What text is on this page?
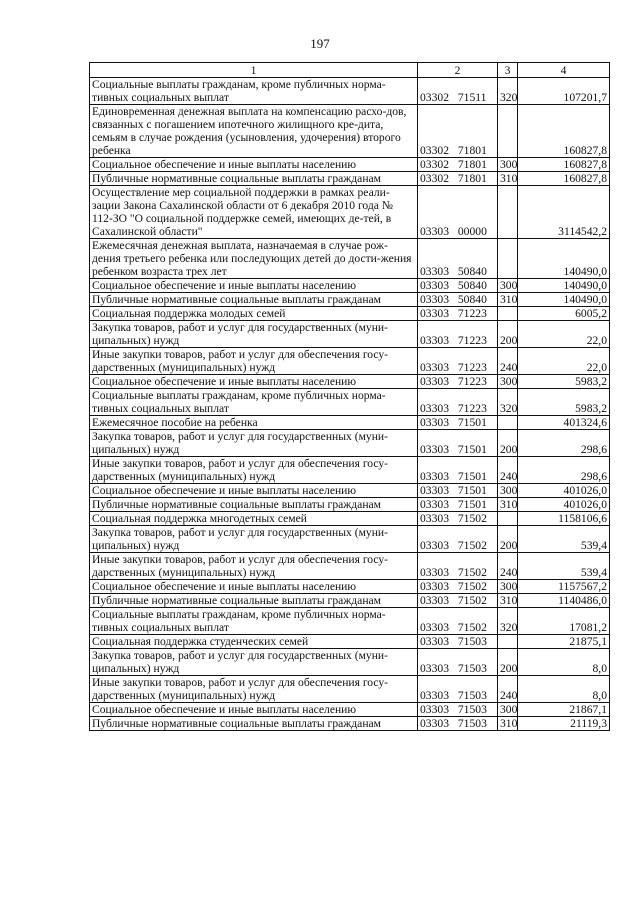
197
1	2	3	4
Социальные выплаты гражданам, кроме публичных норма-тивных социальных выплат	03302 71511	320	107201,7
Единовременная денежная выплата на компенсацию расхо-дов, связанных с погашением ипотечного жилищного кре-дита, семьям в случае рождения (усыновления, удочерения) второго ребенка	03302 71801		160827,8
Социальное обеспечение и иные выплаты населению	03302 71801	300	160827,8
Публичные нормативные социальные выплаты гражданам	03302 71801	310	160827,8
Осуществление мер социальной поддержки в рамках реали-зации Закона Сахалинской области от 6 декабря 2010 года № 112-ЗО "О социальной поддержке семей, имеющих де-тей, в Сахалинской области"	03303 00000		3114542,2
Ежемесячная денежная выплата, назначаемая в случае рож-дения третьего ребенка или последующих детей до дости-жения ребенком возраста трех лет	03303 50840		140490,0
Социальное обеспечение и иные выплаты населению	03303 50840	300	140490,0
Публичные нормативные социальные выплаты гражданам	03303 50840	310	140490,0
Социальная поддержка молодых семей	03303 71223		6005,2
Закупка товаров, работ и услуг для государственных (муни-ципальных) нужд	03303 71223	200	22,0
Иные закупки товаров, работ и услуг для обеспечения госу-дарственных (муниципальных) нужд	03303 71223	240	22,0
Социальное обеспечение и иные выплаты населению	03303 71223	300	5983,2
Социальные выплаты гражданам, кроме публичных норма-тивных социальных выплат	03303 71223	320	5983,2
Ежемесячное пособие на ребенка	03303 71501		401324,6
Закупка товаров, работ и услуг для государственных (муни-ципальных) нужд	03303 71501	200	298,6
Иные закупки товаров, работ и услуг для обеспечения госу-дарственных (муниципальных) нужд	03303 71501	240	298,6
Социальное обеспечение и иные выплаты населению	03303 71501	300	401026,0
Публичные нормативные социальные выплаты гражданам	03303 71501	310	401026,0
Социальная поддержка многодетных семей	03303 71502		1158106,6
Закупка товаров, работ и услуг для государственных (муни-ципальных) нужд	03303 71502	200	539,4
Иные закупки товаров, работ и услуг для обеспечения госу-дарственных (муниципальных) нужд	03303 71502	240	539,4
Социальное обеспечение и иные выплаты населению	03303 71502	300	1157567,2
Публичные нормативные социальные выплаты гражданам	03303 71502	310	1140486,0
Социальные выплаты гражданам, кроме публичных норма-тивных социальных выплат	03303 71502	320	17081,2
Социальная поддержка студенческих семей	03303 71503		21875,1
Закупка товаров, работ и услуг для государственных (муни-ципальных) нужд	03303 71503	200	8,0
Иные закупки товаров, работ и услуг для обеспечения госу-дарственных (муниципальных) нужд	03303 71503	240	8,0
Социальное обеспечение и иные выплаты населению	03303 71503	300	21867,1
Публичные нормативные социальные выплаты гражданам	03303 71503	310	21119,3
